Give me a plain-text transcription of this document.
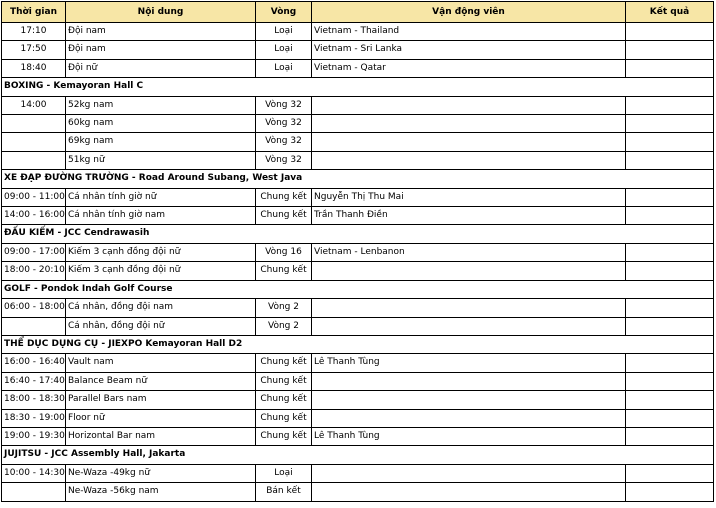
Thời gian	Nội dung	Vòng	Vận động viên	Kết quả
17:10	Đội nam	Loại	Vietnam - Thailand	
17:50	Đội nam	Loại	Vietnam - Sri Lanka	
18:40	Đội nữ	Loại	Vietnam - Qatar	
BOXING - Kemayoran Hall C				
14:00	52kg nam	Vòng 32		
	60kg nam	Vòng 32		
	69kg nam	Vòng 32		
	51kg nữ	Vòng 32		
XE ĐẠP ĐƯỜNG TRƯỜNG - Road Around Subang, West Java				
09:00 - 11:00	Cá nhân tính giờ nữ	Chung kết	Nguyễn Thị Thu Mai	
14:00 - 16:00	Cá nhân tính giờ nam	Chung kết	Trần Thanh Điền	
ĐẤU KIẾM - JCC Cendrawasih				
09:00 - 17:00	Kiếm 3 cạnh đồng đội nữ	Vòng 16	Vietnam - Lenbanon	
18:00 - 20:10	Kiếm 3 cạnh đồng đội nữ	Chung kết		
GOLF - Pondok Indah Golf Course				
06:00 - 18:00	Cá nhân, đồng đội nam	Vòng 2		
	Cá nhân, đồng đội nữ	Vòng 2		
THỂ DỤC DỤNG CỤ - JIEXPO Kemayoran Hall D2				
16:00 - 16:40	Vault nam	Chung kết	Lê Thanh Tùng	
16:40 - 17:40	Balance Beam nữ	Chung kết		
18:00 - 18:30	Parallel Bars nam	Chung kết		
18:30 - 19:00	Floor nữ	Chung kết		
19:00 - 19:30	Horizontal Bar nam	Chung kết	Lê Thanh Tùng	
JUJITSU - JCC Assembly Hall, Jakarta				
10:00 - 14:30	Ne-Waza -49kg nữ	Loại		
	Ne-Waza -56kg nam	Bán kết		
